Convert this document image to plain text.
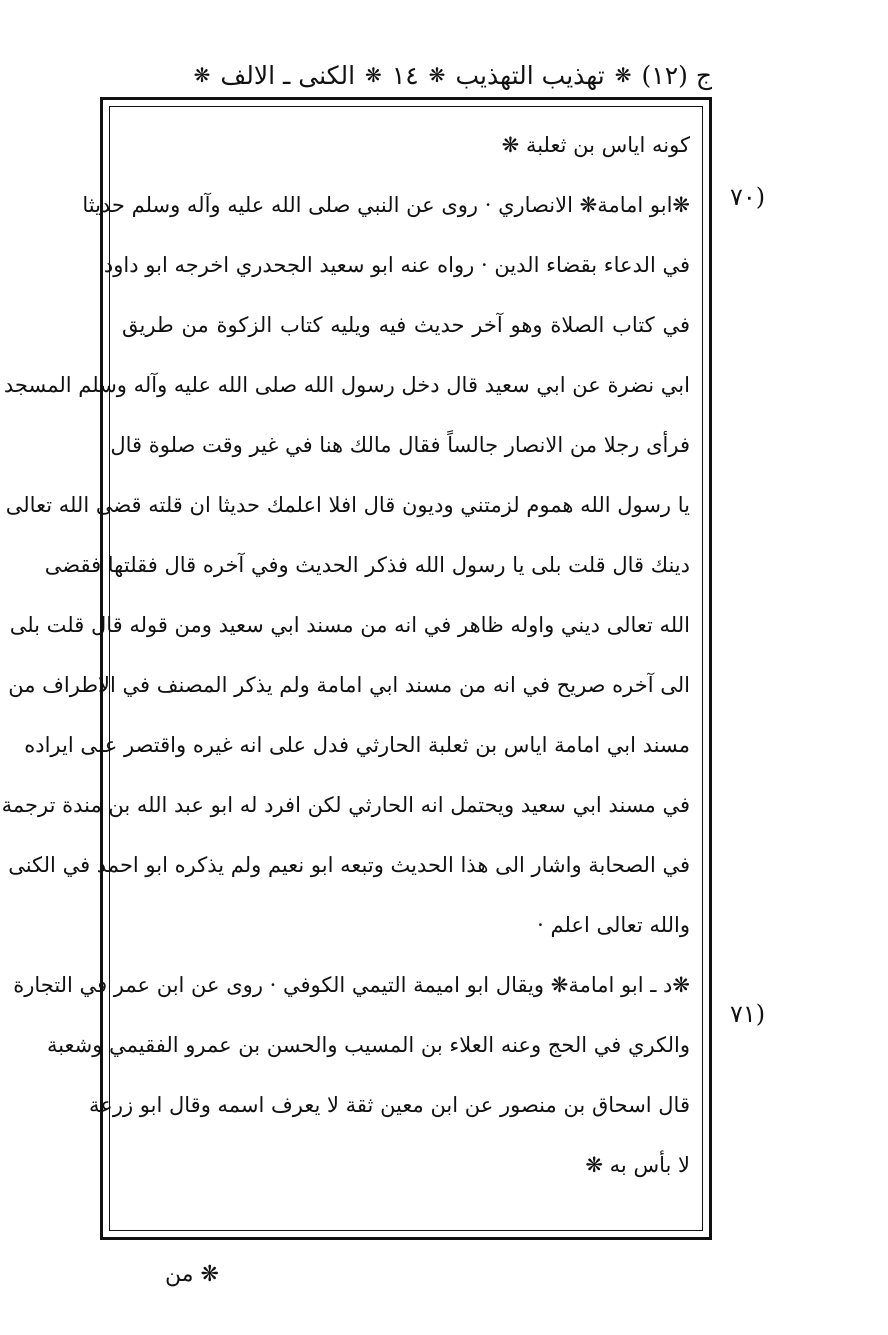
ج (١٢)
❋
تهذيب التهذيب
❋
١٤
❋
الكنى ـ الالف
❋
(٧٠
(٧١
كونه اياس بن ثعلبة ❋
❋ابو امامة❋ الانصاري · روى عن النبي صلى الله عليه وآله وسلم حديثا
في الدعاء بقضاء الدين · رواه عنه ابو سعيد الجحدري اخرجه ابو داود
في كتاب الصلاة وهو آخر حديث فيه ويليه كتاب الزكوة من طريق
ابي نضرة عن ابي سعيد قال دخل رسول الله صلى الله عليه وآله وسلم المسجد
فرأى رجلا من الانصار جالساً فقال مالك هنا في غير وقت صلوة قال
يا رسول الله هموم لزمتني وديون قال افلا اعلمك حديثا ان قلته قضى الله تعالى
دينك قال قلت بلى يا رسول الله فذكر الحديث وفي آخره قال فقلتها فقضى
الله تعالى ديني واوله ظاهر في انه من مسند ابي سعيد ومن قوله قال قلت بلى
الى آخره صريح في انه من مسند ابي امامة ولم يذكر المصنف في الاطراف من
مسند ابي امامة اياس بن ثعلبة الحارثي فدل على انه غيره واقتصر على ايراده
في مسند ابي سعيد ويحتمل انه الحارثي لكن افرد له ابو عبد الله بن مندة ترجمة
في الصحابة واشار الى هذا الحديث وتبعه ابو نعيم ولم يذكره ابو احمد في الكنى
والله تعالى اعلم ·
❋د ـ ابو امامة❋ ويقال ابو اميمة التيمي الكوفي · روى عن ابن عمر في التجارة
والكري في الحج وعنه العلاء بن المسيب والحسن بن عمرو الفقيمي وشعبة
قال اسحاق بن منصور عن ابن معين ثقة لا يعرف اسمه وقال ابو زرعة
لا بأس به ❋
❋ من
